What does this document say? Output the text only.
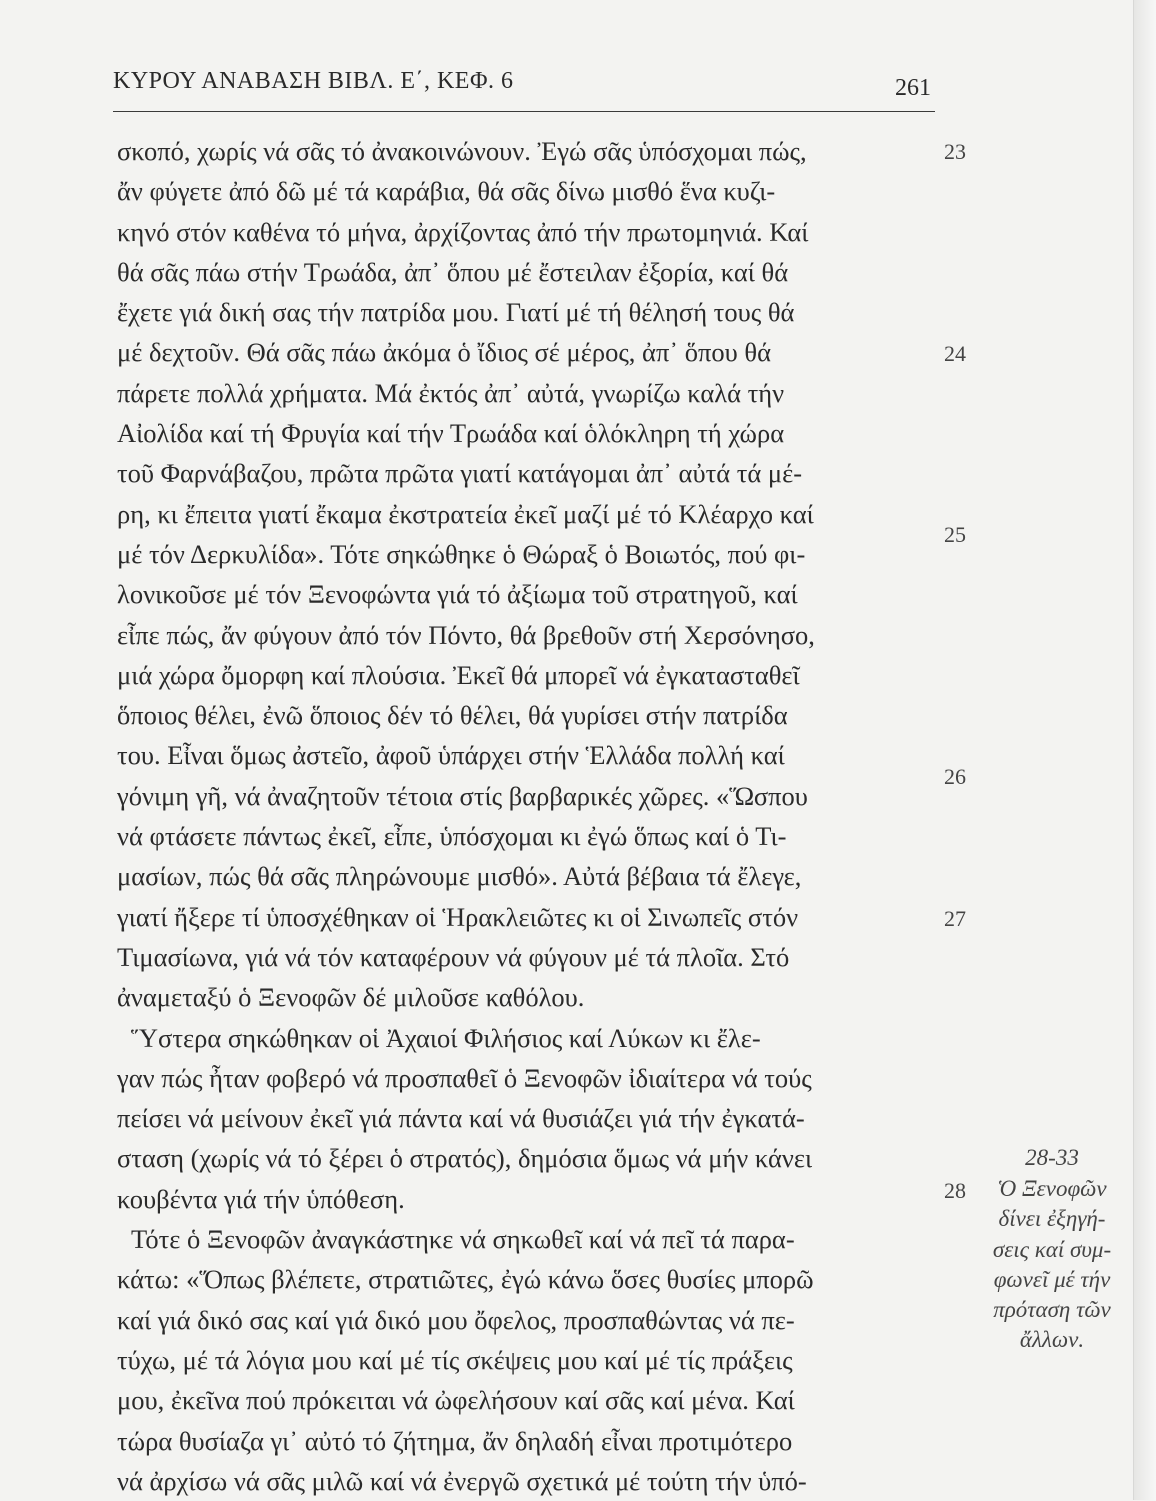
ΚΥΡΟΥ ΑΝΑΒΑΣΗ ΒΙΒΛ. Ε΄, ΚΕΦ. 6	261
σκοπό, χωρίς νά σᾶς τό ἀνακοινώνουν. Ἐγώ σᾶς ὑπόσχομαι πώς,
ἄν φύγετε ἀπό δῶ μέ τά καράβια, θά σᾶς δίνω μισθό ἕνα κυζι-
κηνό στόν καθένα τό μήνα, ἀρχίζοντας ἀπό τήν πρωτομηνιά. Καί
θά σᾶς πάω στήν Τρωάδα, ἀπ᾽ ὅπου μέ ἔστειλαν ἐξορία, καί θά
ἔχετε γιά δική σας τήν πατρίδα μου. Γιατί μέ τή θέλησή τους θά
μέ δεχτοῦν. Θά σᾶς πάω ἀκόμα ὁ ἴδιος σέ μέρος, ἀπ᾽ ὅπου θά
πάρετε πολλά χρήματα. Μά ἐκτός ἀπ᾽ αὐτά, γνωρίζω καλά τήν
Αἰολίδα καί τή Φρυγία καί τήν Τρωάδα καί ὁλόκληρη τή χώρα
τοῦ Φαρνάβαζου, πρῶτα πρῶτα γιατί κατάγομαι ἀπ᾽ αὐτά τά μέ-
ρη, κι ἔπειτα γιατί ἔκαμα ἐκστρατεία ἐκεῖ μαζί μέ τό Κλέαρχο καί
μέ τόν Δερκυλίδα». Τότε σηκώθηκε ὁ Θώραξ ὁ Βοιωτός, πού φι-
λονικοῦσε μέ τόν Ξενοφώντα γιά τό ἀξίωμα τοῦ στρατηγοῦ, καί
εἶπε πώς, ἄν φύγουν ἀπό τόν Πόντο, θά βρεθοῦν στή Χερσόνησο,
μιά χώρα ὄμορφη καί πλούσια. Ἐκεῖ θά μπορεῖ νά ἐγκατασταθεῖ
ὅποιος θέλει, ἐνῶ ὅποιος δέν τό θέλει, θά γυρίσει στήν πατρίδα
του. Εἶναι ὅμως ἀστεῖο, ἀφοῦ ὑπάρχει στήν Ἑλλάδα πολλή καί
γόνιμη γῆ, νά ἀναζητοῦν τέτοια στίς βαρβαρικές χῶρες. «Ὥσπου
νά φτάσετε πάντως ἐκεῖ, εἶπε, ὑπόσχομαι κι ἐγώ ὅπως καί ὁ Τι-
μασίων, πώς θά σᾶς πληρώνουμε μισθό». Αὐτά βέβαια τά ἔλεγε,
γιατί ἤξερε τί ὑποσχέθηκαν οἱ Ἡρακλειῶτες κι οἱ Σινωπεῖς στόν
Τιμασίωνα, γιά νά τόν καταφέρουν νά φύγουν μέ τά πλοῖα. Στό
ἀναμεταξύ ὁ Ξενοφῶν δέ μιλοῦσε καθόλου.
Ὕστερα σηκώθηκαν οἱ Ἀχαιοί Φιλήσιος καί Λύκων κι ἔλε-
γαν πώς ἦταν φοβερό νά προσπαθεῖ ὁ Ξενοφῶν ἰδιαίτερα νά τούς
πείσει νά μείνουν ἐκεῖ γιά πάντα καί νά θυσιάζει γιά τήν ἐγκατά-
σταση (χωρίς νά τό ξέρει ὁ στρατός), δημόσια ὅμως νά μήν κάνει
κουβέντα γιά τήν ὑπόθεση.
Τότε ὁ Ξενοφῶν ἀναγκάστηκε νά σηκωθεῖ καί νά πεῖ τά παρα-
κάτω: «Ὅπως βλέπετε, στρατιῶτες, ἐγώ κάνω ὅσες θυσίες μπορῶ
καί γιά δικό σας καί γιά δικό μου ὄφελος, προσπαθώντας νά πε-
τύχω, μέ τά λόγια μου καί μέ τίς σκέψεις μου καί μέ τίς πράξεις
μου, ἐκεῖνα πού πρόκειται νά ὠφελήσουν καί σᾶς καί μένα. Καί
τώρα θυσίαζα γι᾽ αὐτό τό ζήτημα, ἄν δηλαδή εἶναι προτιμότερο
νά ἀρχίσω νά σᾶς μιλῶ καί νά ἐνεργῶ σχετικά μέ τούτη τήν ὑπό-
23
24
25
26
27
28
28-33
Ὁ Ξενοφῶν
δίνει ἐξηγή-
σεις καί συμ-
φωνεῖ μέ τήν
πρόταση τῶν
ἄλλων.
